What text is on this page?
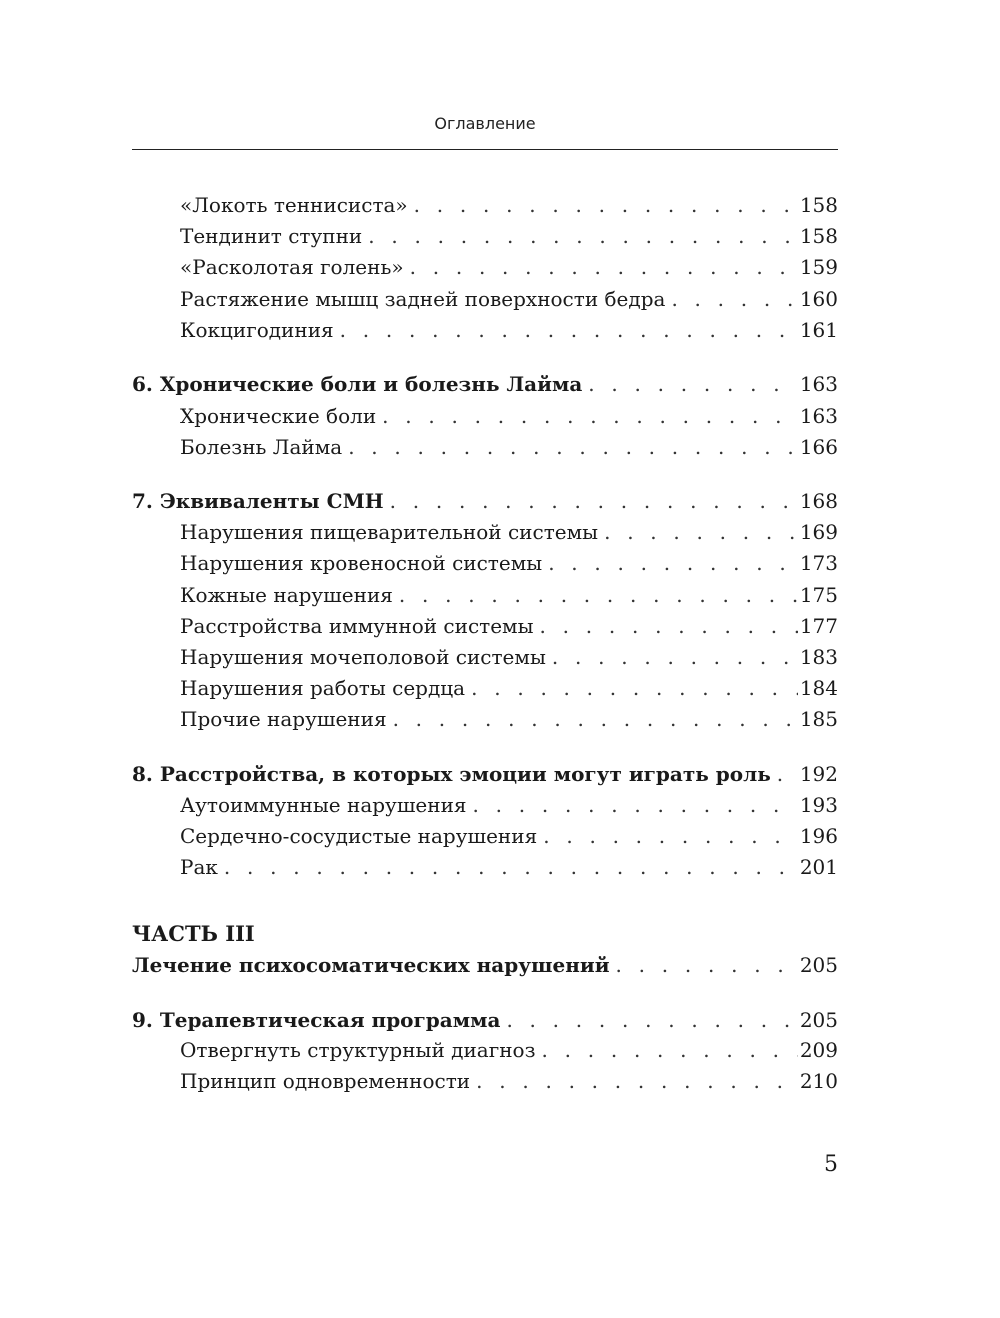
Оглавление
«Локоть теннисиста» . . .	158
Тендинит ступни . . .	158
«Расколотая голень» . . .	159
Растяжение мышц задней поверхности бедра . . .	160
Кокцигодиния . . .	161
6. Хронические боли и болезнь Лайма . . .	163
Хронические боли . . .	163
Болезнь Лайма . . .	166
7. Эквиваленты СМН . . .	168
Нарушения пищеварительной системы . . .	169
Нарушения кровеносной системы . . .	173
Кожные нарушения . . .	175
Расстройства иммунной системы . . .	177
Нарушения мочеполовой системы . . .	183
Нарушения работы сердца . . .	184
Прочие нарушения . . .	185
8. Расстройства, в которых эмоции могут играть роль . . .	192
Аутоиммунные нарушения . . .	193
Сердечно-сосудистые нарушения . . .	196
Рак . . .	201
ЧАСТЬ III
Лечение психосоматических нарушений . . .	205
9. Терапевтическая программа . . .	205
Отвергнуть структурный диагноз . . .	209
Принцип одновременности . . .	210
5
